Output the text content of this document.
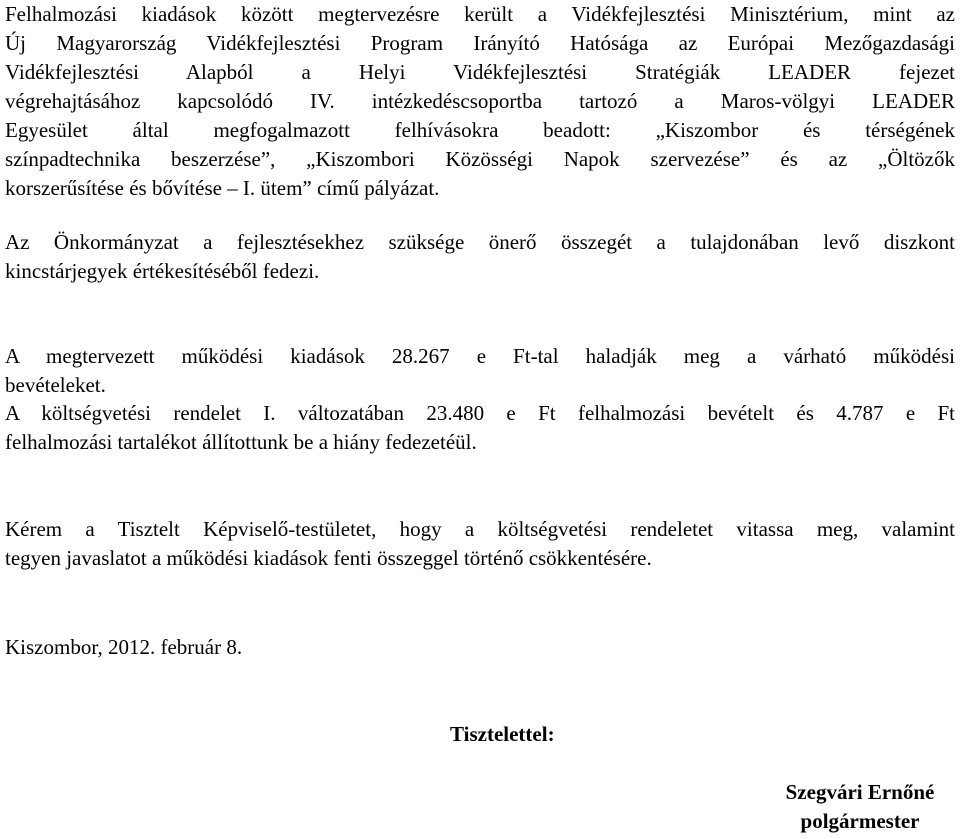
Felhalmozási kiadások között megtervezésre került a Vidékfejlesztési Minisztérium, mint az
Új Magyarország Vidékfejlesztési Program Irányító Hatósága az Európai Mezőgazdasági
Vidékfejlesztési Alapból a Helyi Vidékfejlesztési Stratégiák LEADER fejezet
végrehajtásához kapcsolódó IV. intézkedéscsoportba tartozó a Maros-völgyi LEADER
Egyesület által megfogalmazott felhívásokra beadott: „Kiszombor és térségének
színpadtechnika beszerzése”, „Kiszombori Közösségi Napok szervezése” és az „Öltözők
korszerűsítése és bővítése – I. ütem” című pályázat.
Az Önkormányzat a fejlesztésekhez szüksége önerő összegét a tulajdonában levő diszkont
kincstárjegyek értékesítéséből fedezi.
A megtervezett működési kiadások 28.267 e Ft-tal haladják meg a várható működési
bevételeket.
A költségvetési rendelet I. változatában 23.480 e Ft felhalmozási bevételt és 4.787 e Ft
felhalmozási tartalékot állítottunk be a hiány fedezetéül.
Kérem a Tisztelt Képviselő-testületet, hogy a költségvetési rendeletet vitassa meg, valamint
tegyen javaslatot a működési kiadások fenti összeggel történő csökkentésére.
Kiszombor, 2012. február 8.
Tisztelettel:
Szegvári Ernőné
polgármester
